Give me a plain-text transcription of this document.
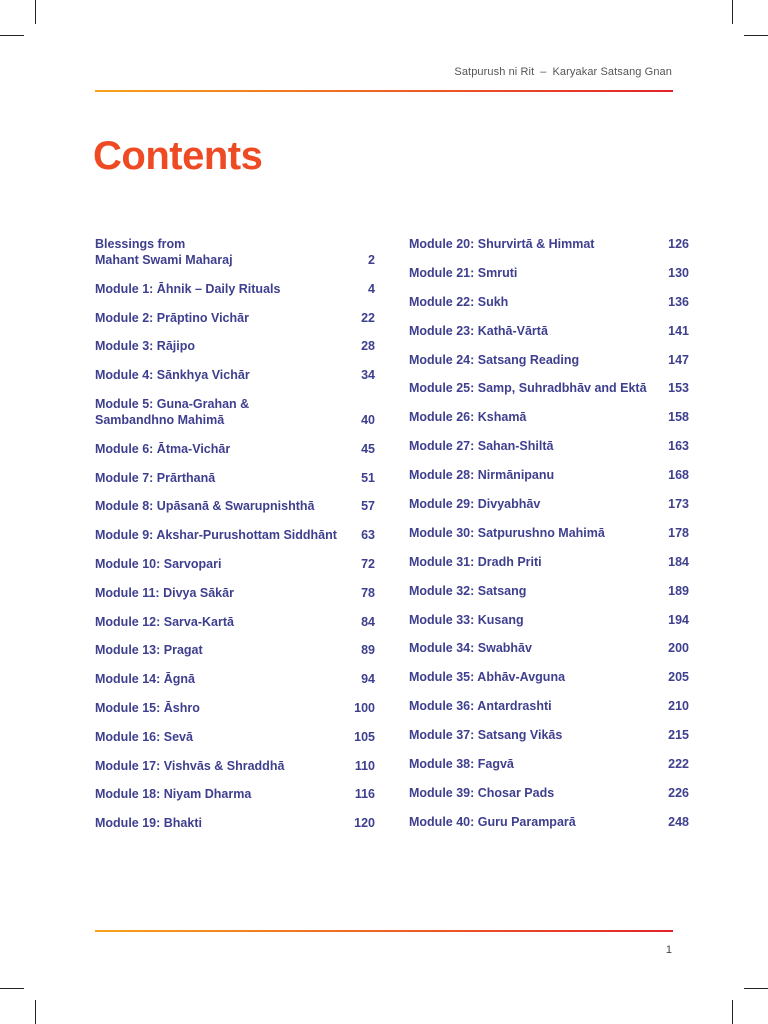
Satpurush ni Rit – Karyakar Satsang Gnan
Contents
Blessings from
Mahant Swami Maharaj	2
Module 1: Āhnik – Daily Rituals	4
Module 2: Prāptino Vichār	22
Module 3: Rājipo	28
Module 4: Sānkhya Vichār	34
Module 5: Guna-Grahan &
Sambandhno Mahimā	40
Module 6: Ātma-Vichār	45
Module 7: Prārthanā	51
Module 8: Upāsanā & Swarupnishthā	57
Module 9: Akshar-Purushottam Siddhānt	63
Module 10: Sarvopari	72
Module 11: Divya Sākār	78
Module 12: Sarva-Kartā	84
Module 13: Pragat	89
Module 14: Āgnā	94
Module 15: Āshro	100
Module 16: Sevā	105
Module 17: Vishvās & Shraddhā	110
Module 18: Niyam Dharma	116
Module 19: Bhakti	120
Module 20: Shurvirtā & Himmat	126
Module 21: Smruti	130
Module 22: Sukh	136
Module 23: Kathā-Vārtā	141
Module 24: Satsang Reading	147
Module 25: Samp, Suhradbhāv and Ektā	153
Module 26: Kshamā	158
Module 27: Sahan-Shiltā	163
Module 28: Nirmānipanu	168
Module 29: Divyabhāv	173
Module 30: Satpurushno Mahimā	178
Module 31: Dradh Priti	184
Module 32: Satsang	189
Module 33: Kusang	194
Module 34: Swabhāv	200
Module 35: Abhāv-Avguna	205
Module 36: Antardrashti	210
Module 37: Satsang Vikās	215
Module 38: Fagvā	222
Module 39: Chosar Pads	226
Module 40: Guru Paramparā	248
1
